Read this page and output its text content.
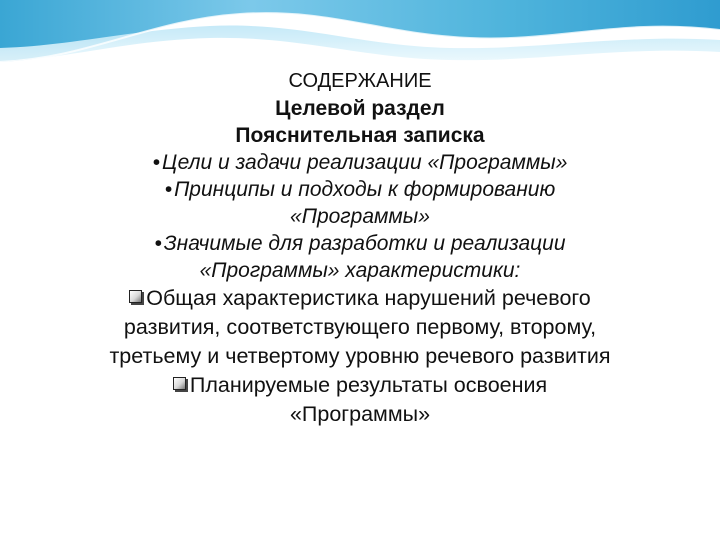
СОДЕРЖАНИЕ
Целевой раздел
Пояснительная записка
•Цели и задачи реализации «Программы»
•Принципы и подходы к формированию
«Программы»
•Значимые для разработки и реализации
«Программы» характеристики:
Общая характеристика нарушений речевого
развития, соответствующего первому, второму,
третьему и четвертому уровню речевого развития
Планируемые результаты освоения
«Программы»
